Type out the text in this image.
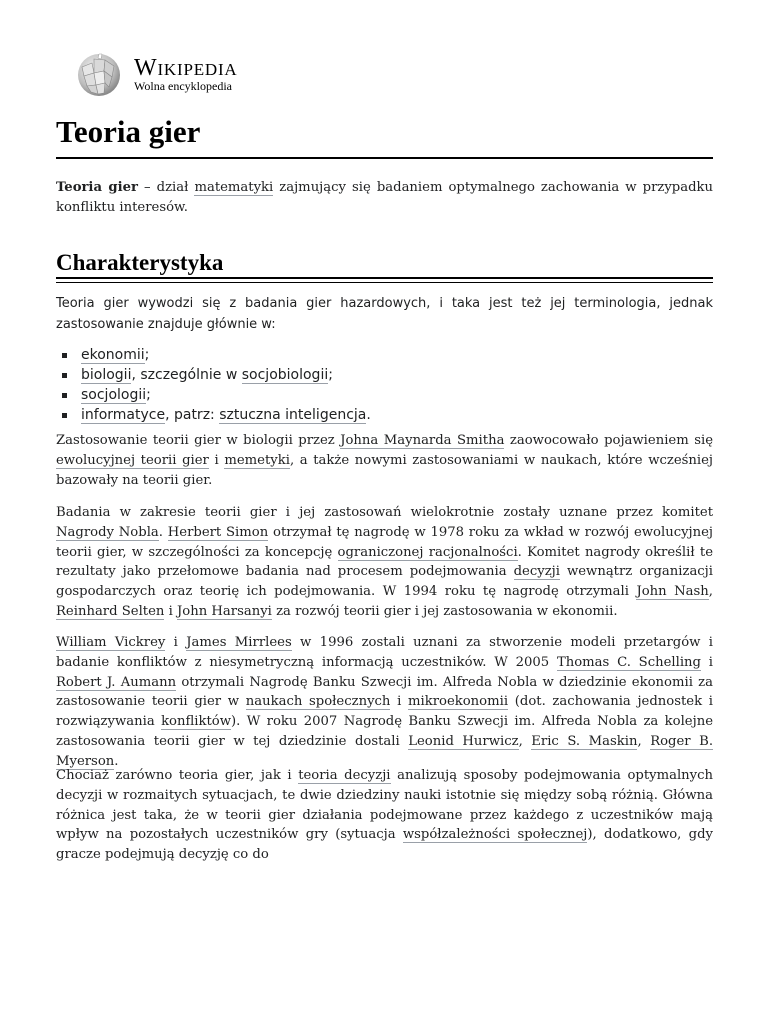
Wikipedia
Wolna encyklopedia
Teoria gier

Teoria gier – dział matematyki zajmujący się badaniem optymalnego zachowania w przypadku konfliktu interesów.

Charakterystyka

Teoria gier wywodzi się z badania gier hazardowych, i taka jest też jej terminologia, jednak zastosowanie znajduje głównie w:

ekonomii;
biologii, szczególnie w socjobiologii;
socjologii;
informatyce, patrz: sztuczna inteligencja.

Zastosowanie teorii gier w biologii przez Johna Maynarda Smitha zaowocowało pojawieniem się ewolucyjnej teorii gier i memetyki, a także nowymi zastosowaniami w naukach, które wcześniej bazowały na teorii gier.

Badania w zakresie teorii gier i jej zastosowań wielokrotnie zostały uznane przez komitet Nagrody Nobla. Herbert Simon otrzymał tę nagrodę w 1978 roku za wkład w rozwój ewolucyjnej teorii gier, w szczególności za koncepcję ograniczonej racjonalności. Komitet nagrody określił te rezultaty jako przełomowe badania nad procesem podejmowania decyzji wewnątrz organizacji gospodarczych oraz teorię ich podejmowania. W 1994 roku tę nagrodę otrzymali John Nash, Reinhard Selten i John Harsanyi za rozwój teorii gier i jej zastosowania w ekonomii.

William Vickrey i James Mirrlees w 1996 zostali uznani za stworzenie modeli przetargów i badanie konfliktów z niesymetryczną informacją uczestników. W 2005 Thomas C. Schelling i Robert J. Aumann otrzymali Nagrodę Banku Szwecji im. Alfreda Nobla w dziedzinie ekonomii za zastosowanie teorii gier w naukach społecznych i mikroekonomii (dot. zachowania jednostek i rozwiązywania konfliktów). W roku 2007 Nagrodę Banku Szwecji im. Alfreda Nobla za kolejne zastosowania teorii gier w tej dziedzinie dostali Leonid Hurwicz, Eric S. Maskin, Roger B. Myerson.

Chociaż zarówno teoria gier, jak i teoria decyzji analizują sposoby podejmowania optymalnych decyzji w rozmaitych sytuacjach, te dwie dziedziny nauki istotnie się między sobą różnią. Główna różnica jest taka, że w teorii gier działania podejmowane przez każdego z uczestników mają wpływ na pozostałych uczestników gry (sytuacja współzależności społecznej), dodatkowo, gdy gracze podejmują decyzję co do
